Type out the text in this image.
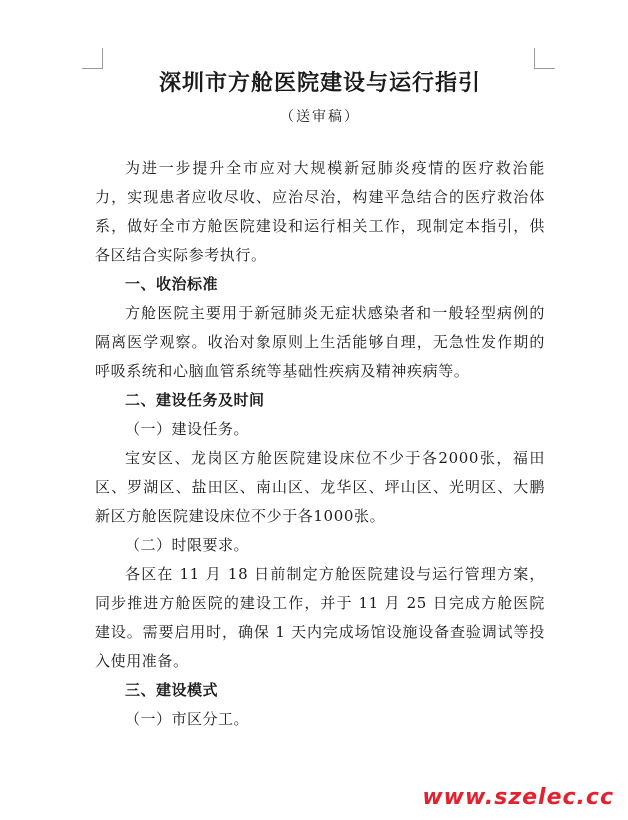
深圳市方舱医院建设与运行指引
（送审稿）

为进一步提升全市应对大规模新冠肺炎疫情的医疗救治能力，实现患者应收尽收、应治尽治，构建平急结合的医疗救治体系，做好全市方舱医院建设和运行相关工作，现制定本指引，供各区结合实际参考执行。

一、收治标准

方舱医院主要用于新冠肺炎无症状感染者和一般轻型病例的隔离医学观察。收治对象原则上生活能够自理，无急性发作期的呼吸系统和心脑血管系统等基础性疾病及精神疾病等。

二、建设任务及时间

（一）建设任务。

宝安区、龙岗区方舱医院建设床位不少于各2000张，福田区、罗湖区、盐田区、南山区、龙华区、坪山区、光明区、大鹏新区方舱医院建设床位不少于各1000张。

（二）时限要求。

各区在 11 月 18 日前制定方舱医院建设与运行管理方案，同步推进方舱医院的建设工作，并于 11 月 25 日完成方舱医院建设。需要启用时，确保 1 天内完成场馆设施设备查验调试等投入使用准备。

三、建设模式

（一）市区分工。

www.szelec.cc
